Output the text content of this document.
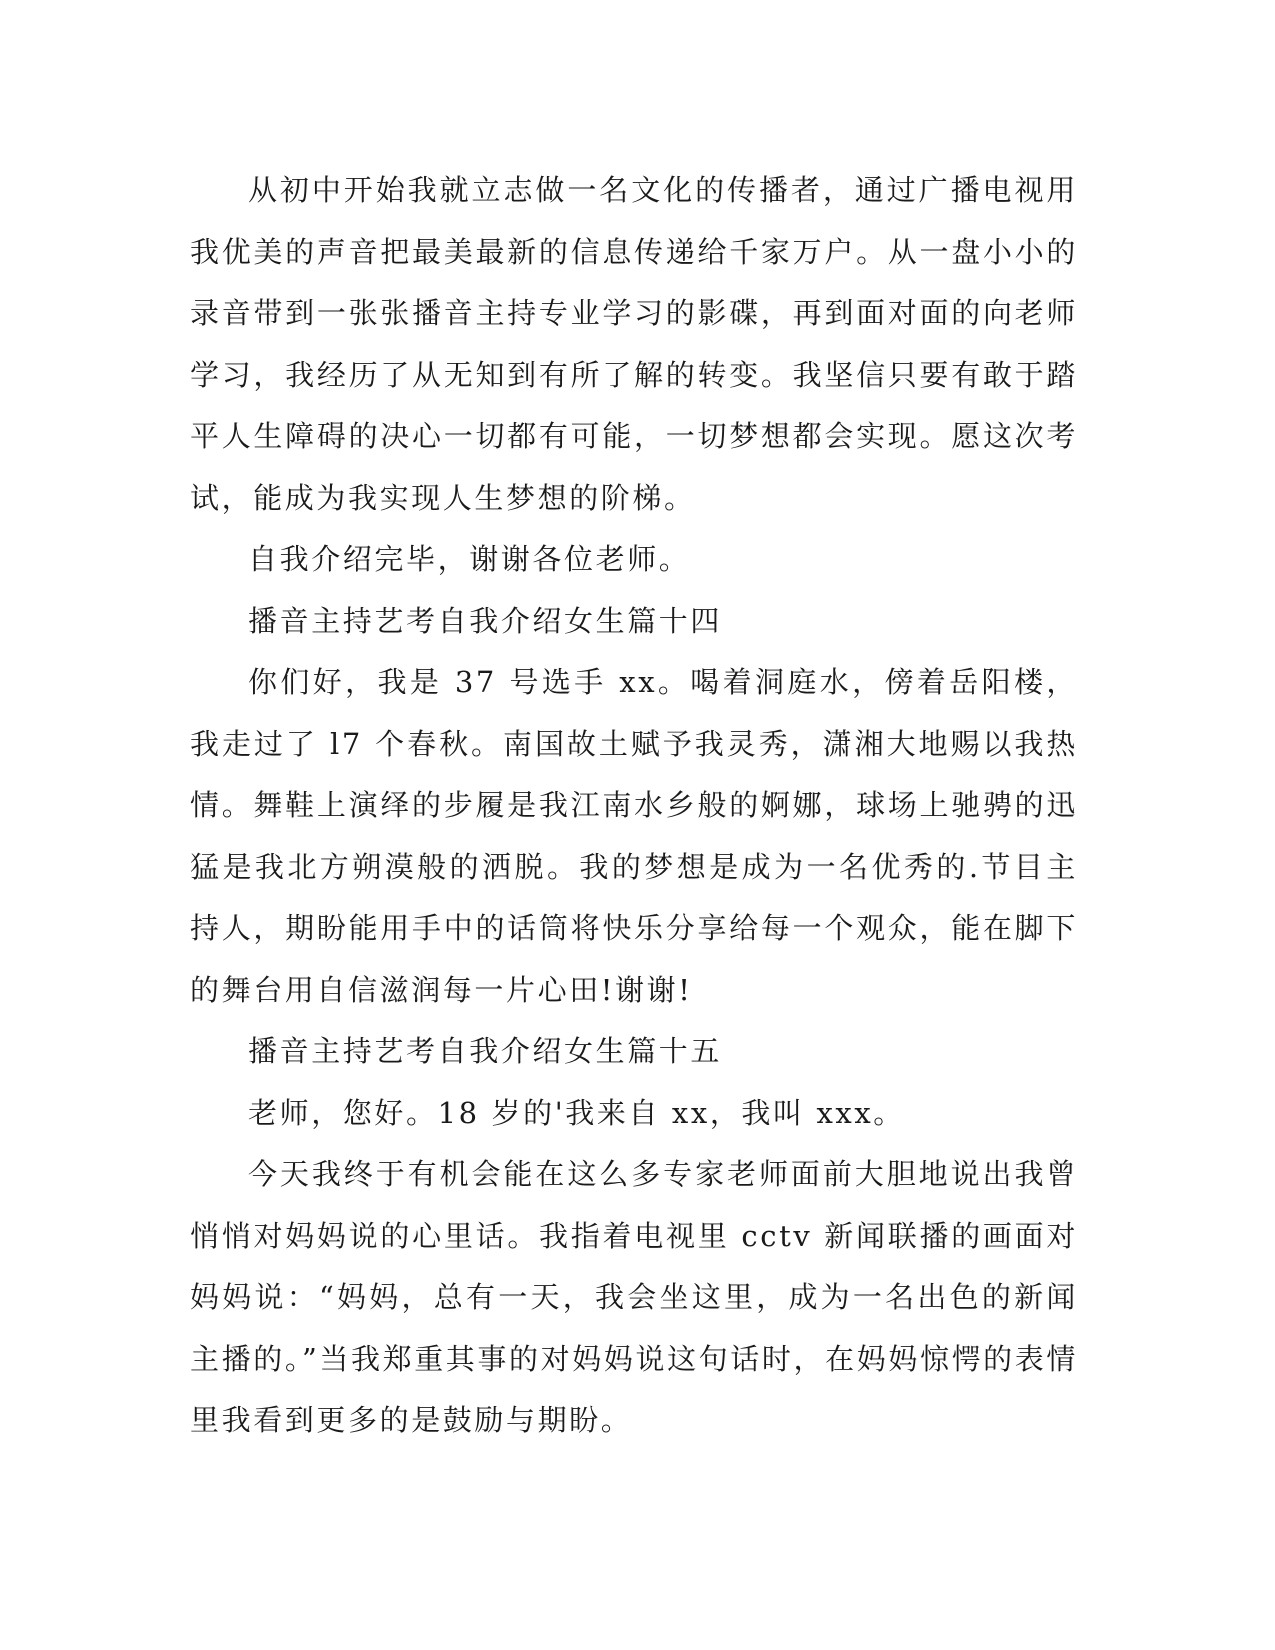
从初中开始我就立志做一名文化的传播者，通过广播电视用我优美的声音把最美最新的信息传递给千家万户。从一盘小小的录音带到一张张播音主持专业学习的影碟，再到面对面的向老师学习，我经历了从无知到有所了解的转变。我坚信只要有敢于踏平人生障碍的决心一切都有可能，一切梦想都会实现。愿这次考试，能成为我实现人生梦想的阶梯。

自我介绍完毕，谢谢各位老师。

播音主持艺考自我介绍女生篇十四

你们好，我是 37 号选手 xx。喝着洞庭水，傍着岳阳楼，我走过了 l7 个春秋。南国故土赋予我灵秀，潇湘大地赐以我热情。舞鞋上演绎的步履是我江南水乡般的婀娜，球场上驰骋的迅猛是我北方朔漠般的洒脱。我的梦想是成为一名优秀的.节目主持人，期盼能用手中的话筒将快乐分享给每一个观众，能在脚下的舞台用自信滋润每一片心田!谢谢!

播音主持艺考自我介绍女生篇十五

老师，您好。18 岁的'我来自 xx，我叫 xxx。

今天我终于有机会能在这么多专家老师面前大胆地说出我曾悄悄对妈妈说的心里话。我指着电视里 cctv 新闻联播的画面对妈妈说：“妈妈，总有一天，我会坐这里，成为一名出色的新闻主播的。”当我郑重其事的对妈妈说这句话时，在妈妈惊愕的表情里我看到更多的是鼓励与期盼。
